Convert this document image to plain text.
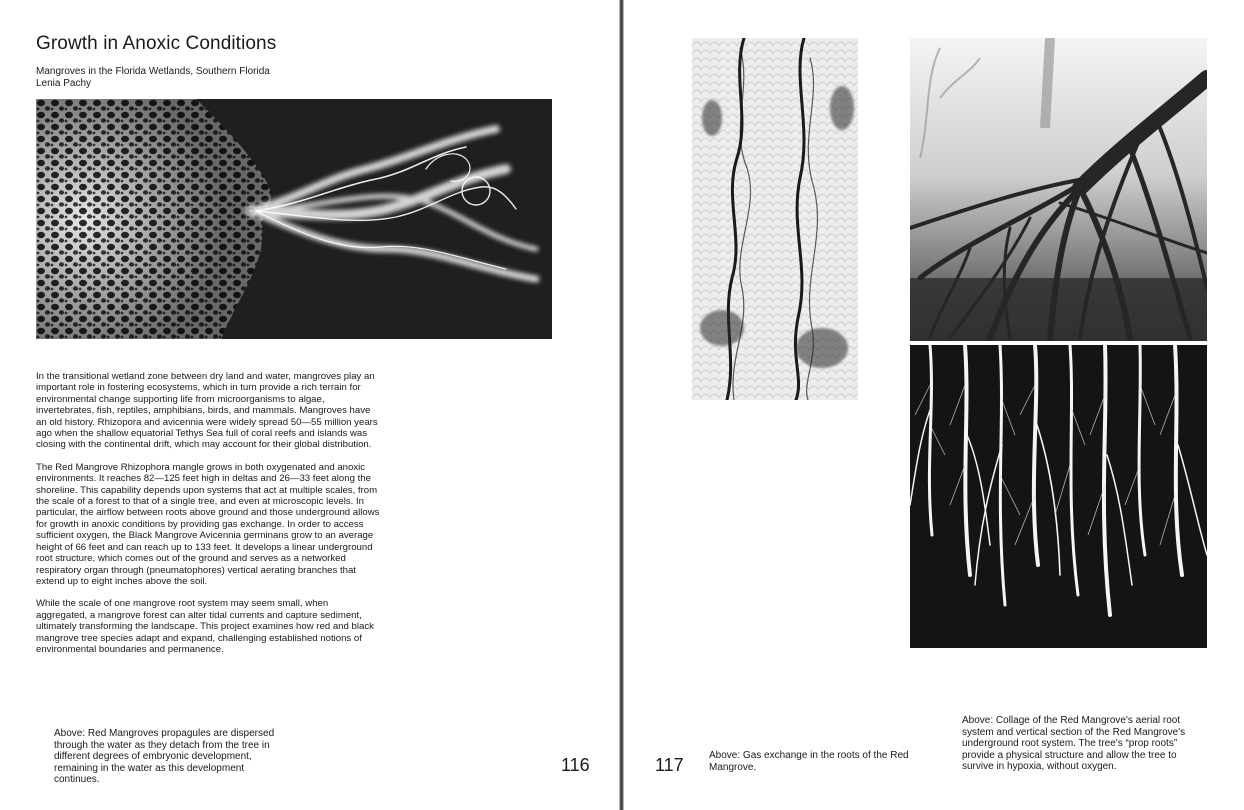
Growth in Anoxic Conditions
Mangroves in the Florida Wetlands, Southern Florida
Lenia Pachy

In the transitional wetland zone between dry land and water, mangroves play an important role in fostering ecosystems, which in turn provide a rich terrain for environmental change supporting life from microorganisms to algae, invertebrates, fish, reptiles, amphibians, birds, and mammals. Mangroves have an old history. Rhizopora and avicennia were widely spread 50—55 million years ago when the shallow equatorial Tethys Sea full of coral reefs and islands was closing with the continental drift, which may account for their global distribution.

The Red Mangrove Rhizophora mangle grows in both oxygenated and anoxic environments. It reaches 82—125 feet high in deltas and 26—33 feet along the shoreline. This capability depends upon systems that act at multiple scales, from the scale of a forest to that of a single tree, and even at microscopic levels. In particular, the airflow between roots above ground and those underground allows for growth in anoxic conditions by providing gas exchange. In order to access sufficient oxygen, the Black Mangrove Avicennia germinans grow to an average height of 66 feet and can reach up to 133 feet. It develops a linear underground root structure, which comes out of the ground and serves as a networked respiratory organ through (pneumatophores) vertical aerating branches that extend up to eight inches above the soil.

While the scale of one mangrove root system may seem small, when aggregated, a mangrove forest can alter tidal currents and capture sediment, ultimately transforming the landscape. This project examines how red and black mangrove tree species adapt and expand, challenging established notions of environmental boundaries and permanence.

Above: Red Mangroves propagules are dispersed through the water as they detach from the tree in different degrees of embryonic development, remaining in the water as this development continues.
116	117	Above: Gas exchange in the roots of the Red Mangrove.
Above: Collage of the Red Mangrove's aerial root system and vertical section of the Red Mangrove's underground root system. The tree's “prop roots” provide a physical structure and allow the tree to survive in hypoxia, without oxygen.
